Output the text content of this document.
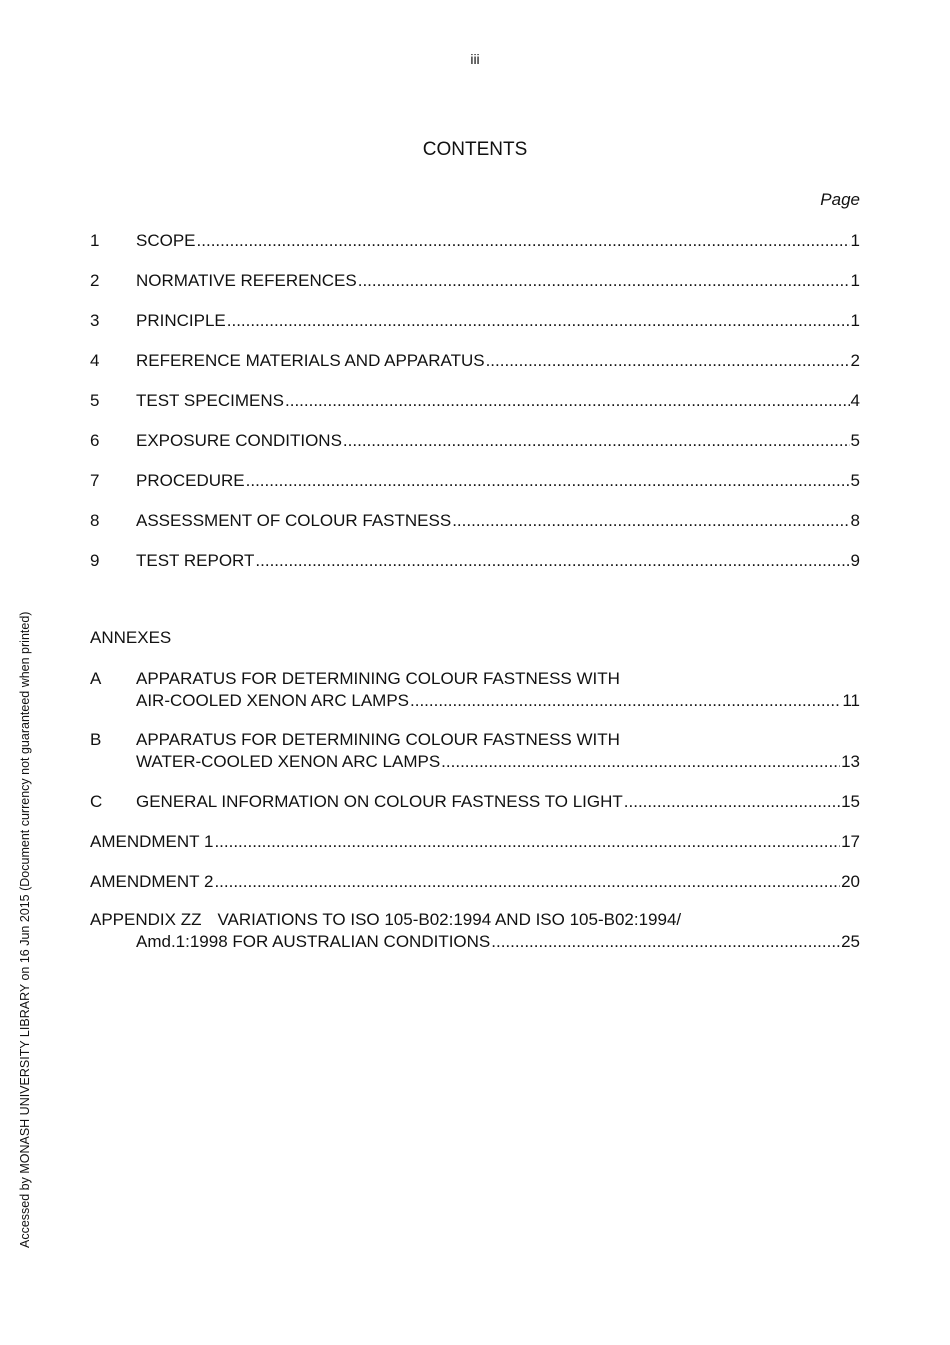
iii
CONTENTS
Page
1	SCOPE .....	1
2	NORMATIVE REFERENCES .....	1
3	PRINCIPLE .....	1
4	REFERENCE MATERIALS AND APPARATUS .....	2
5	TEST SPECIMENS .....	4
6	EXPOSURE CONDITIONS .....	5
7	PROCEDURE .....	5
8	ASSESSMENT OF COLOUR FASTNESS .....	8
9	TEST REPORT .....	9
ANNEXES
A APPARATUS FOR DETERMINING COLOUR FASTNESS WITH
AIR-COOLED XENON ARC LAMPS .....	11
B APPARATUS FOR DETERMINING COLOUR FASTNESS WITH
WATER-COOLED XENON ARC LAMPS .....	13
C	GENERAL INFORMATION ON COLOUR FASTNESS TO LIGHT .....	15
AMENDMENT 1 .....	17
AMENDMENT 2 .....	20
APPENDIX ZZ VARIATIONS TO ISO 105-B02:1994 AND ISO 105-B02:1994/
Amd.1:1998 FOR AUSTRALIAN CONDITIONS .....	25
Accessed by MONASH UNIVERSITY LIBRARY on 16 Jun 2015 (Document currency not guaranteed when printed)
